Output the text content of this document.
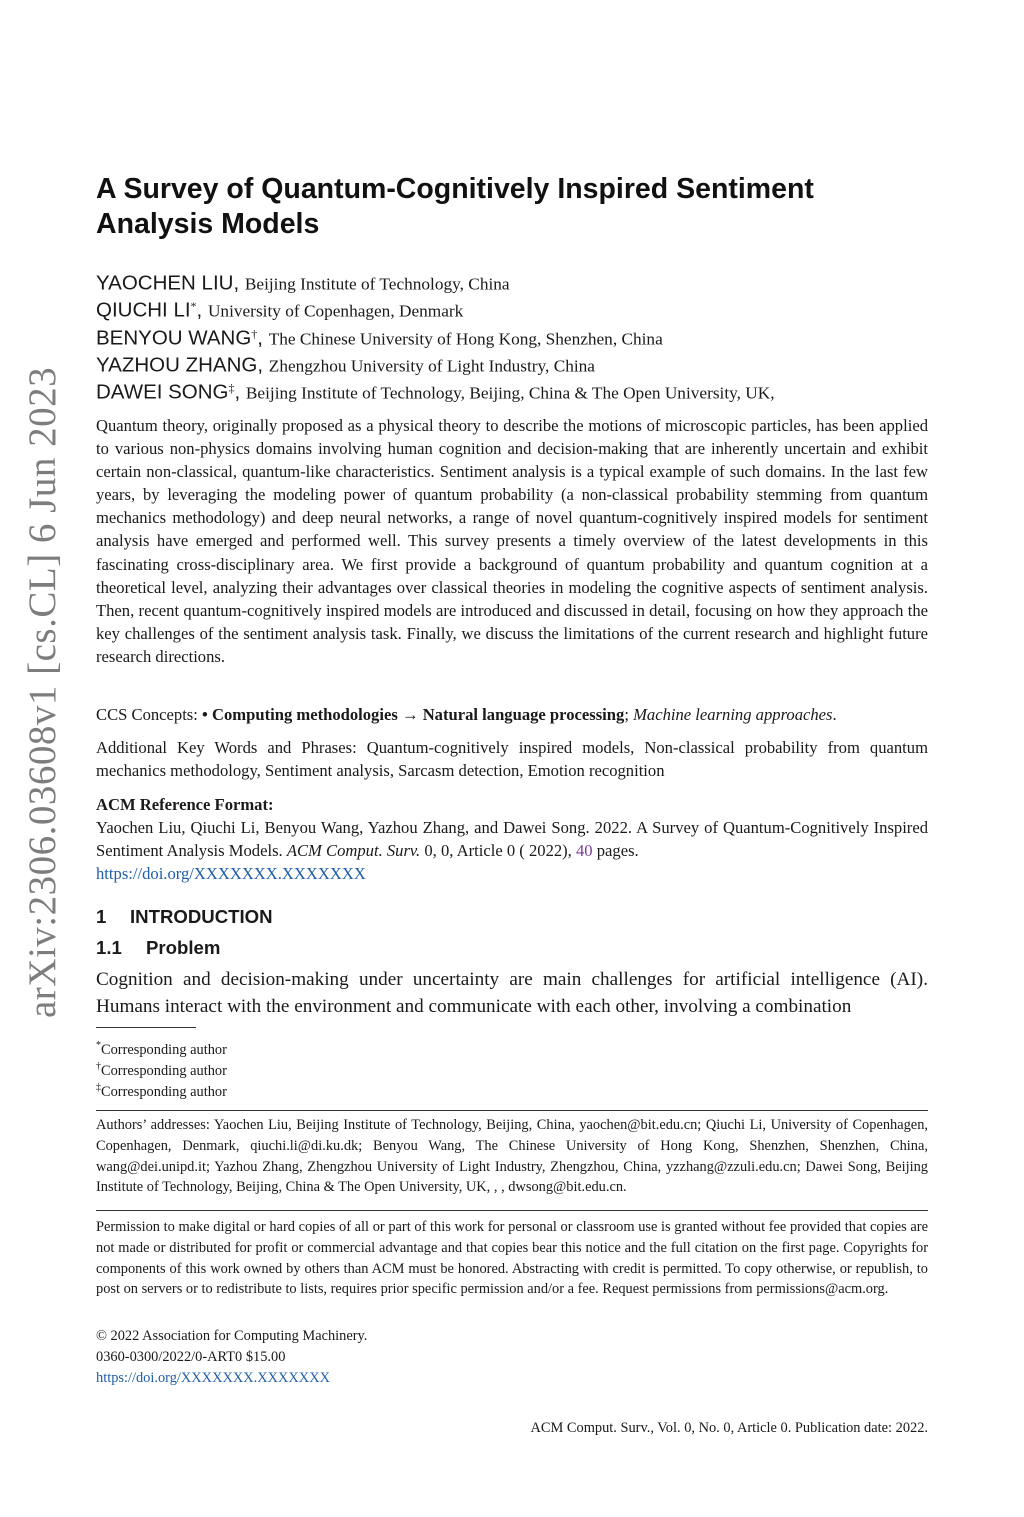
arXiv:2306.03608v1 [cs.CL] 6 Jun 2023
A Survey of Quantum-Cognitively Inspired Sentiment Analysis Models
YAOCHEN LIU, Beijing Institute of Technology, China
QIUCHI LI*, University of Copenhagen, Denmark
BENYOU WANG†, The Chinese University of Hong Kong, Shenzhen, China
YAZHOU ZHANG, Zhengzhou University of Light Industry, China
DAWEI SONG‡, Beijing Institute of Technology, Beijing, China & The Open University, UK,

Quantum theory, originally proposed as a physical theory to describe the motions of microscopic particles, has been applied to various non-physics domains involving human cognition and decision-making that are inherently uncertain and exhibit certain non-classical, quantum-like characteristics. Sentiment analysis is a typical example of such domains. In the last few years, by leveraging the modeling power of quantum probability (a non-classical probability stemming from quantum mechanics methodology) and deep neural networks, a range of novel quantum-cognitively inspired models for sentiment analysis have emerged and performed well. This survey presents a timely overview of the latest developments in this fascinating cross-disciplinary area. We first provide a background of quantum probability and quantum cognition at a theoretical level, analyzing their advantages over classical theories in modeling the cognitive aspects of sentiment analysis. Then, recent quantum-cognitively inspired models are introduced and discussed in detail, focusing on how they approach the key challenges of the sentiment analysis task. Finally, we discuss the limitations of the current research and highlight future research directions.

CCS Concepts: • Computing methodologies → Natural language processing; Machine learning approaches.

Additional Key Words and Phrases: Quantum-cognitively inspired models, Non-classical probability from quantum mechanics methodology, Sentiment analysis, Sarcasm detection, Emotion recognition

ACM Reference Format:

Yaochen Liu, Qiuchi Li, Benyou Wang, Yazhou Zhang, and Dawei Song. 2022. A Survey of Quantum-Cognitively Inspired Sentiment Analysis Models. ACM Comput. Surv. 0, 0, Article 0 ( 2022), 40 pages.
https://doi.org/XXXXXXX.XXXXXXX

1 INTRODUCTION
1.1 Problem

Cognition and decision-making under uncertainty are main challenges for artificial intelligence (AI). Humans interact with the environment and communicate with each other, involving a combination

*Corresponding author
†Corresponding author
‡Corresponding author

Authors’ addresses: Yaochen Liu, Beijing Institute of Technology, Beijing, China, yaochen@bit.edu.cn; Qiuchi Li, University of Copenhagen, Copenhagen, Denmark, qiuchi.li@di.ku.dk; Benyou Wang, The Chinese University of Hong Kong, Shenzhen, Shenzhen, China, wang@dei.unipd.it; Yazhou Zhang, Zhengzhou University of Light Industry, Zhengzhou, China, yzzhang@zzuli.edu.cn; Dawei Song, Beijing Institute of Technology, Beijing, China & The Open University, UK, , , dwsong@bit.edu.cn.

Permission to make digital or hard copies of all or part of this work for personal or classroom use is granted without fee provided that copies are not made or distributed for profit or commercial advantage and that copies bear this notice and the full citation on the first page. Copyrights for components of this work owned by others than ACM must be honored. Abstracting with credit is permitted. To copy otherwise, or republish, to post on servers or to redistribute to lists, requires prior specific permission and/or a fee. Request permissions from permissions@acm.org.

© 2022 Association for Computing Machinery.

0360-0300/2022/0-ART0 $15.00

https://doi.org/XXXXXXX.XXXXXXX

ACM Comput. Surv., Vol. 0, No. 0, Article 0. Publication date: 2022.
